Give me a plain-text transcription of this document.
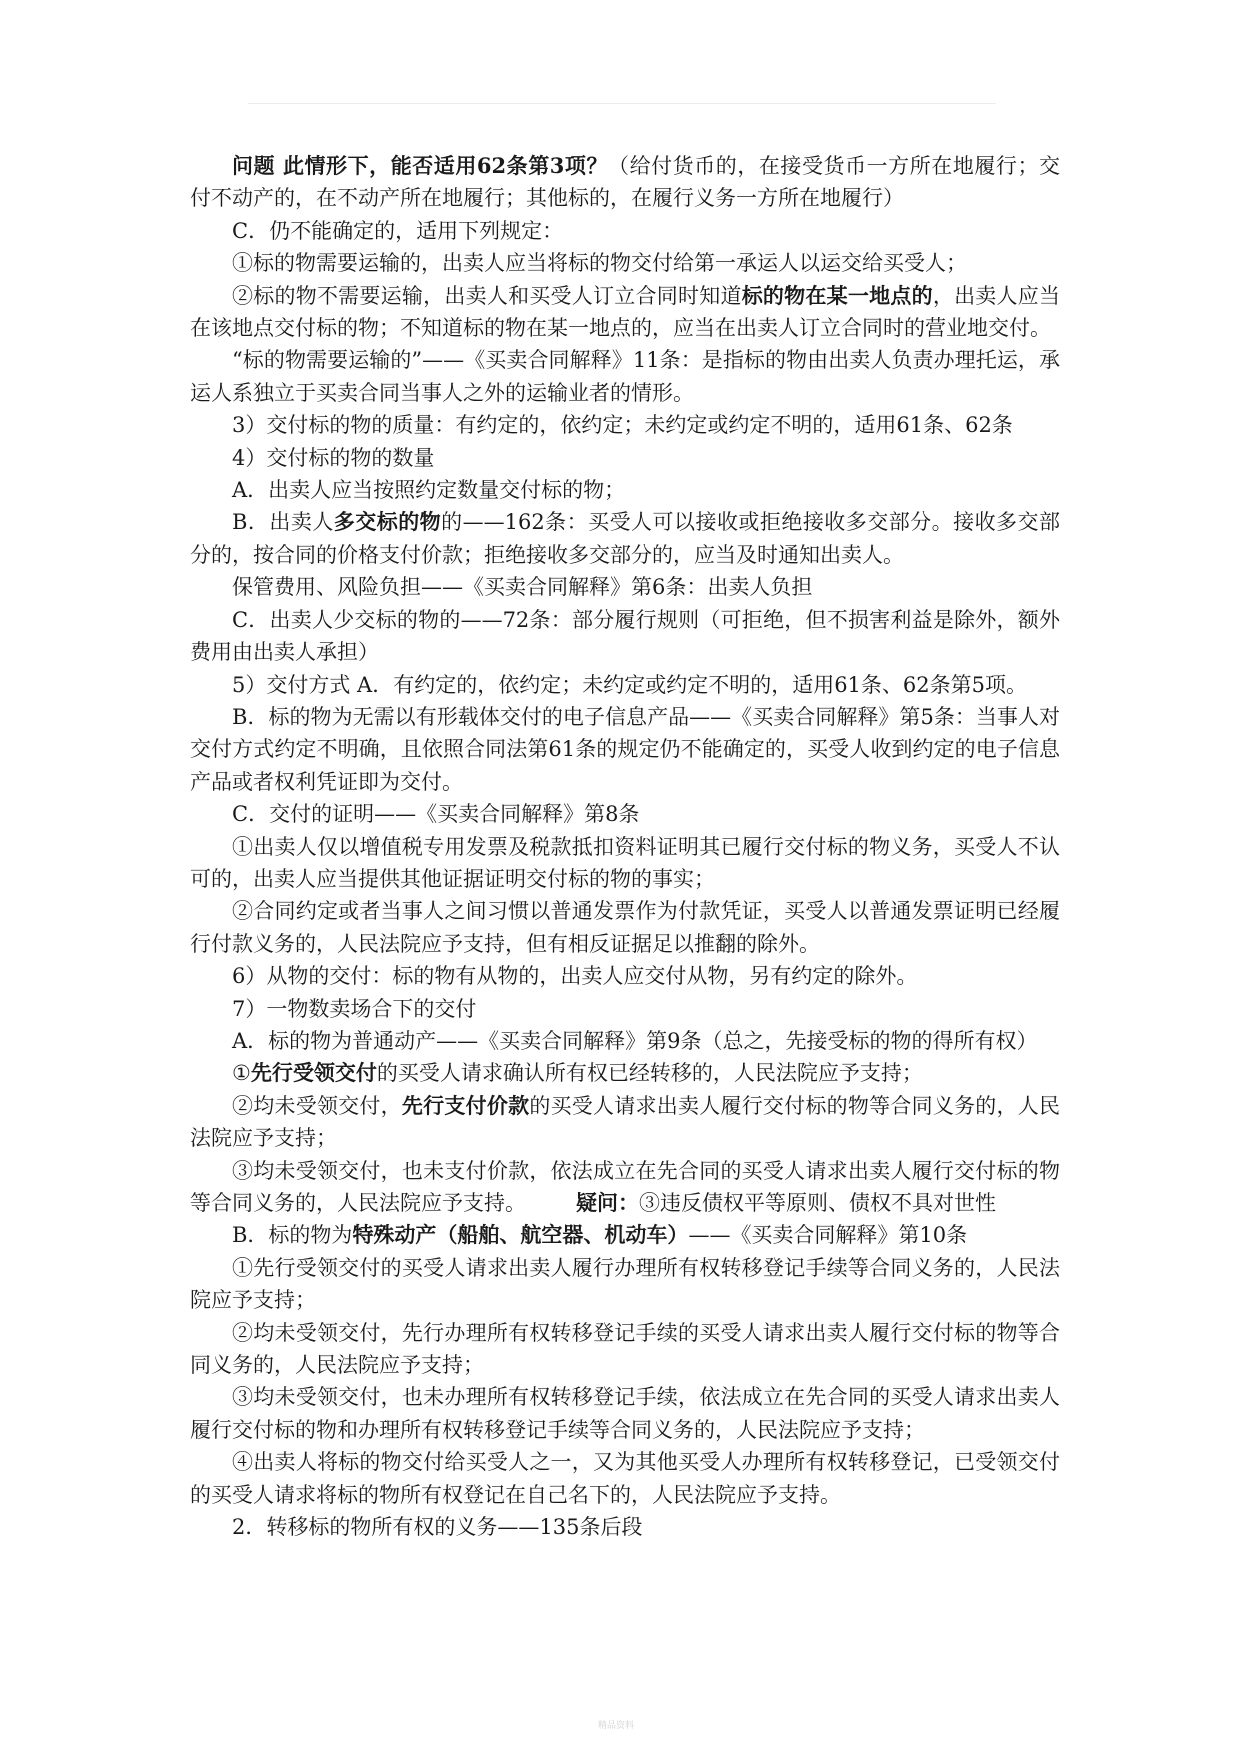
问题 此情形下，能否适用62条第3项？（给付货币的，在接受货币一方所在地履行；交付不动产的，在不动产所在地履行；其他标的，在履行义务一方所在地履行）

C．仍不能确定的，适用下列规定：

①标的物需要运输的，出卖人应当将标的物交付给第一承运人以运交给买受人；

②标的物不需要运输，出卖人和买受人订立合同时知道标的物在某一地点的，出卖人应当在该地点交付标的物；不知道标的物在某一地点的，应当在出卖人订立合同时的营业地交付。

“标的物需要运输的”——《买卖合同解释》11条：是指标的物由出卖人负责办理托运，承运人系独立于买卖合同当事人之外的运输业者的情形。

3）交付标的物的质量：有约定的，依约定；未约定或约定不明的，适用61条、62条

4）交付标的物的数量

A．出卖人应当按照约定数量交付标的物；

B．出卖人多交标的物的——162条：买受人可以接收或拒绝接收多交部分。接收多交部分的，按合同的价格支付价款；拒绝接收多交部分的，应当及时通知出卖人。

保管费用、风险负担——《买卖合同解释》第6条：出卖人负担

C．出卖人少交标的物的——72条：部分履行规则（可拒绝，但不损害利益是除外，额外费用由出卖人承担）

5）交付方式 A．有约定的，依约定；未约定或约定不明的，适用61条、62条第5项。

B．标的物为无需以有形载体交付的电子信息产品——《买卖合同解释》第5条：当事人对交付方式约定不明确，且依照合同法第61条的规定仍不能确定的，买受人收到约定的电子信息产品或者权利凭证即为交付。

C．交付的证明——《买卖合同解释》第8条

①出卖人仅以增值税专用发票及税款抵扣资料证明其已履行交付标的物义务，买受人不认可的，出卖人应当提供其他证据证明交付标的物的事实；

②合同约定或者当事人之间习惯以普通发票作为付款凭证，买受人以普通发票证明已经履行付款义务的，人民法院应予支持，但有相反证据足以推翻的除外。

6）从物的交付：标的物有从物的，出卖人应交付从物，另有约定的除外。

7）一物数卖场合下的交付

A．标的物为普通动产——《买卖合同解释》第9条（总之，先接受标的物的得所有权）

①先行受领交付的买受人请求确认所有权已经转移的，人民法院应予支持；

②均未受领交付，先行支付价款的买受人请求出卖人履行交付标的物等合同义务的，人民法院应予支持；

③均未受领交付，也未支付价款，依法成立在先合同的买受人请求出卖人履行交付标的物等合同义务的，人民法院应予支持。 疑问：③违反债权平等原则、债权不具对世性

B．标的物为特殊动产（船舶、航空器、机动车）——《买卖合同解释》第10条

①先行受领交付的买受人请求出卖人履行办理所有权转移登记手续等合同义务的，人民法院应予支持；

②均未受领交付，先行办理所有权转移登记手续的买受人请求出卖人履行交付标的物等合同义务的，人民法院应予支持；

③均未受领交付，也未办理所有权转移登记手续，依法成立在先合同的买受人请求出卖人履行交付标的物和办理所有权转移登记手续等合同义务的，人民法院应予支持；

④出卖人将标的物交付给买受人之一，又为其他买受人办理所有权转移登记，已受领交付的买受人请求将标的物所有权登记在自己名下的，人民法院应予支持。

2．转移标的物所有权的义务——135条后段

精品资料
